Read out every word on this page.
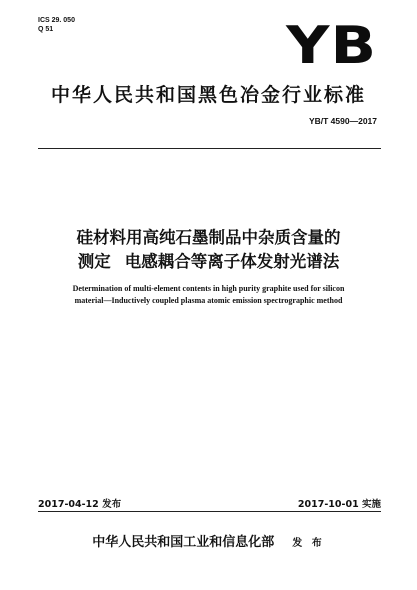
ICS 29. 050
Q 51	YB
中华人民共和国黑色冶金行业标准
YB/T 4590—2017
硅材料用高纯石墨制品中杂质含量的
测定 电感耦合等离子体发射光谱法
Determination of multi-element contents in high purity graphite used for silicon
material—Inductively coupled plasma atomic emission spectrographic method
2017-04-12 发布	2017-10-01 实施
中华人民共和国工业和信息化部 发 布
